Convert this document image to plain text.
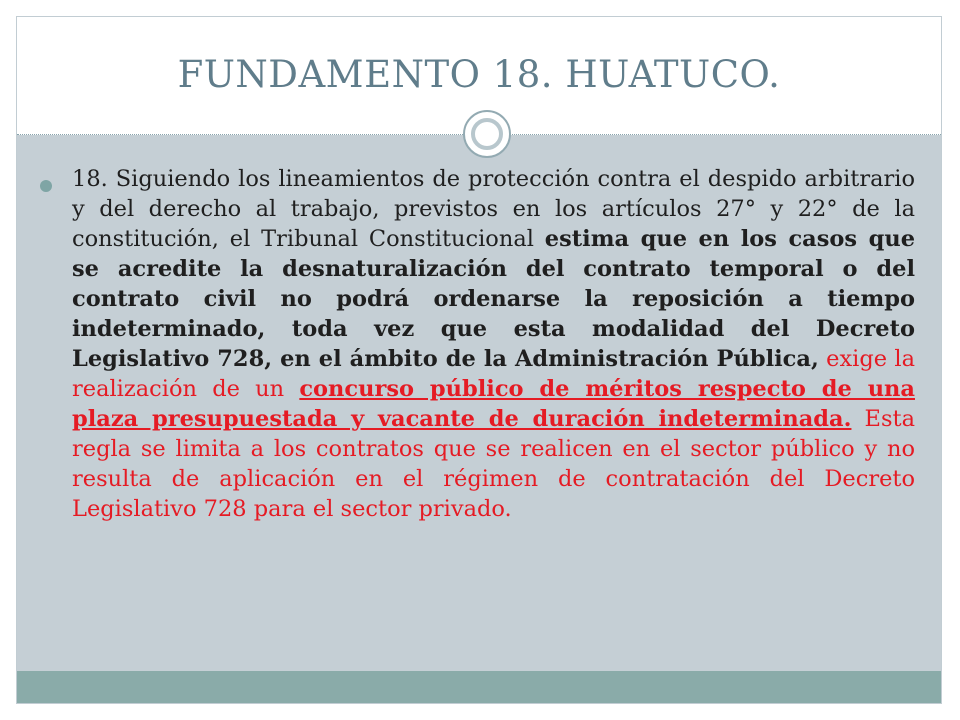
FUNDAMENTO 18. HUATUCO.
18. Siguiendo los lineamientos de protección contra el despido arbitrario y del derecho al trabajo, previstos en los artículos 27° y 22° de la constitución, el Tribunal Constitucional estima que en los casos que se acredite la desnaturalización del contrato temporal o del contrato civil no podrá ordenarse la reposición a tiempo indeterminado, toda vez que esta modalidad del Decreto Legislativo 728, en el ámbito de la Administración Pública, exige la realización de un concurso público de méritos respecto de una plaza presupuestada y vacante de duración indeterminada. Esta regla se limita a los contratos que se realicen en el sector público y no resulta de aplicación en el régimen de contratación del Decreto Legislativo 728 para el sector privado.
